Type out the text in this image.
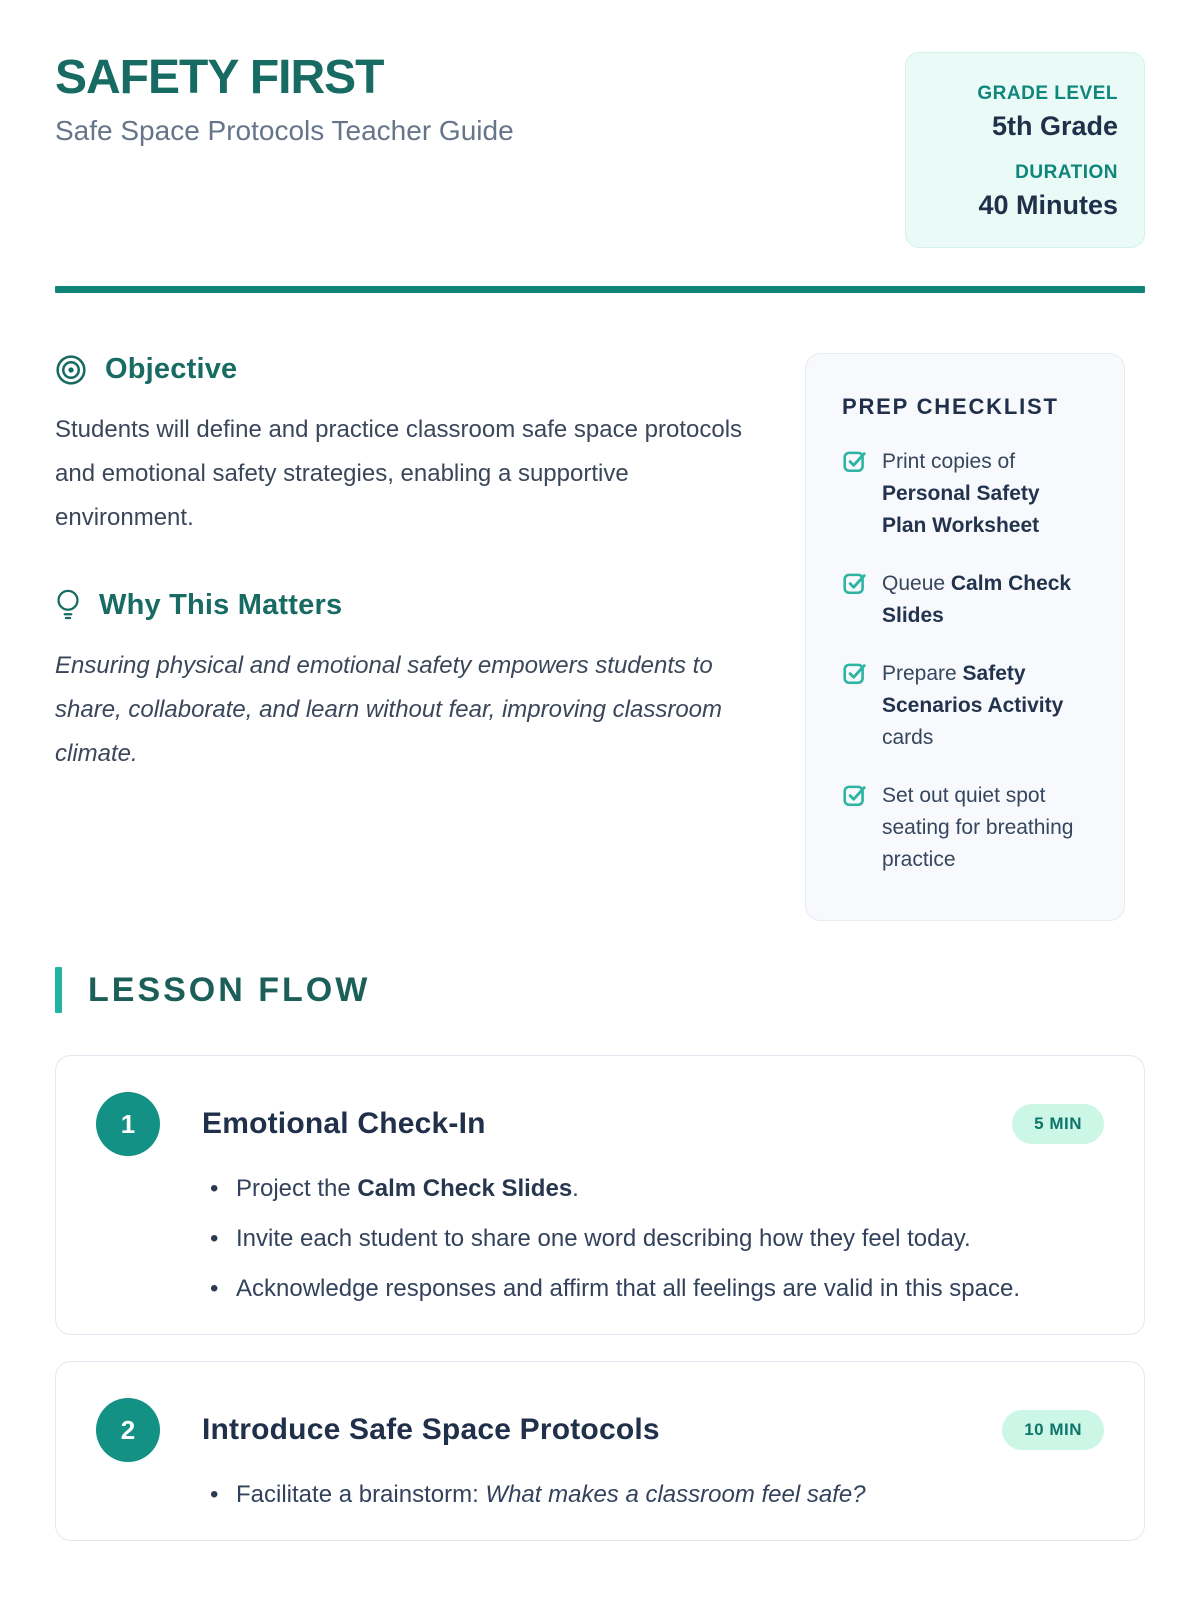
SAFETY FIRST

Safe Space Protocols Teacher Guide

GRADE LEVEL
5th Grade
DURATION
40 Minutes
Objective

Students will define and practice classroom safe space protocols and emotional safety strategies, enabling a supportive environment.

Why This Matters

Ensuring physical and emotional safety empowers students to share, collaborate, and learn without fear, improving classroom climate.

PREP CHECKLIST
Print copies of Personal Safety Plan Worksheet
Queue Calm Check Slides
Prepare Safety Scenarios Activity cards
Set out quiet spot seating for breathing practice
LESSON FLOW
1	Emotional Check-In	5 MIN
• Project the Calm Check Slides.
• Invite each student to share one word describing how they feel today.
• Acknowledge responses and affirm that all feelings are valid in this space.
2	Introduce Safe Space Protocols	10 MIN
• Facilitate a brainstorm: What makes a classroom feel safe?
